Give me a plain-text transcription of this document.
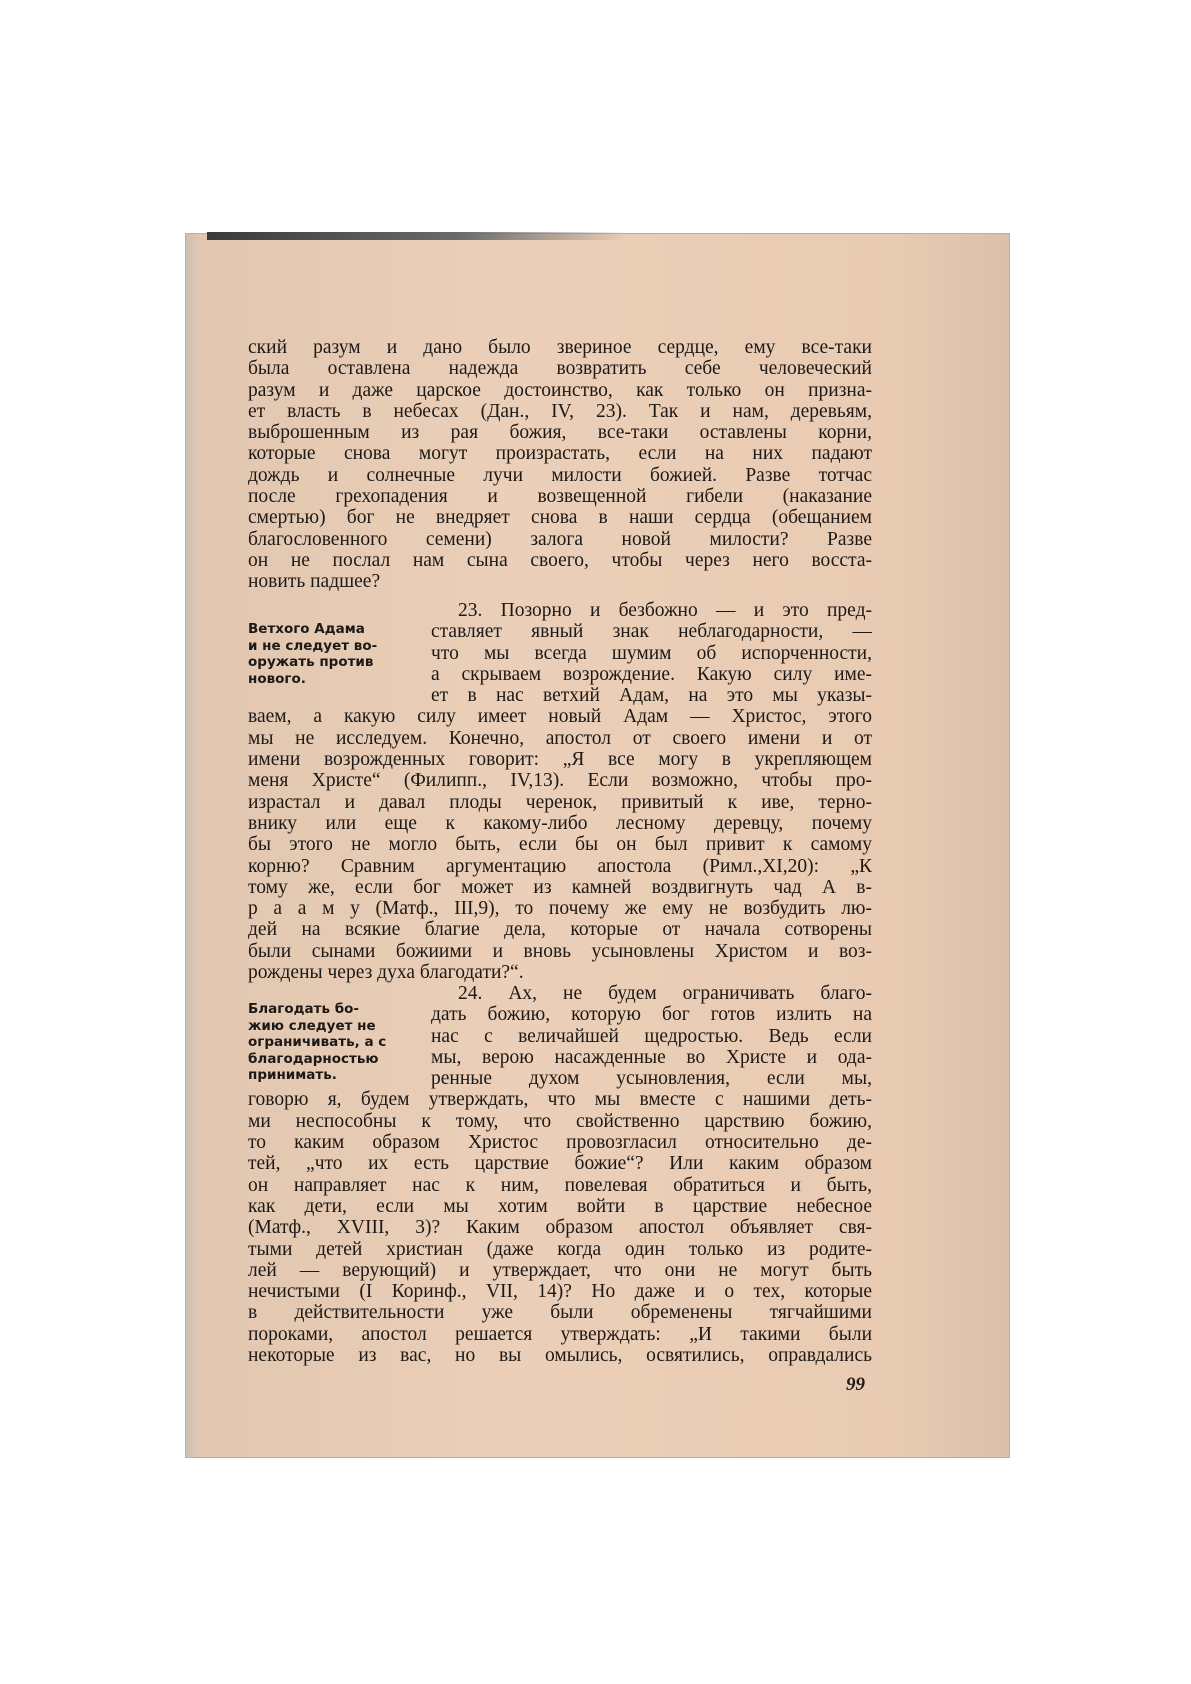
ский разум и дано было звериное сердце, ему все-таки
была оставлена надежда возвратить себе человеческий
разум и даже царское достоинство, как только он призна-
ет власть в небесах (Дан., IV, 23). Так и нам, деревьям,
выброшенным из рая божия, все-таки оставлены корни,
которые снова могут произрастать, если на них падают
дождь и солнечные лучи милости божией. Разве тотчас
после грехопадения и возвещенной гибели (наказание
смертью) бог не внедряет снова в наши сердца (обещанием
благословенного семени) залога новой милости? Разве
он не послал нам сына своего, чтобы через него восста-
новить падшее?
Ветхого Адама
и не следует во-
оружать против
нового.
23. Позорно и безбожно — и это пред-
ставляет явный знак неблагодарности, —
что мы всегда шумим об испорченности,
а скрываем возрождение. Какую силу име-
ет в нас ветхий Адам, на это мы указы-
ваем, а какую силу имеет новый Адам — Христос, этого
мы не исследуем. Конечно, апостол от своего имени и от
имени возрожденных говорит: „Я все могу в укрепляющем
меня Христе“ (Филипп., IV,13). Если возможно, чтобы про-
израстал и давал плоды черенок, привитый к иве, терно-
внику или еще к какому-либо лесному деревцу, почему
бы этого не могло быть, если бы он был привит к самому
корню? Сравним аргументацию апостола (Римл.,XI,20): „К
тому же, если бог может из камней воздвигнуть чад А в-
р а а м у (Матф., III,9), то почему же ему не возбудить лю-
дей на всякие благие дела, которые от начала сотворены
были сынами божиими и вновь усыновлены Христом и воз-
рождены через духа благодати?“.
Благодать бо-
жию следует не
ограничивать, а с
благодарностью
принимать.
24. Ах, не будем ограничивать благо-
дать божию, которую бог готов излить на
нас с величайшей щедростью. Ведь если
мы, верою насажденные во Христе и ода-
ренные духом усыновления, если мы,
говорю я, будем утверждать, что мы вместе с нашими деть-
ми неспособны к тому, что свойственно царствию божию,
то каким образом Христос провозгласил относительно де-
тей, „что их есть царствие божие“? Или каким образом
он направляет нас к ним, повелевая обратиться и быть,
как дети, если мы хотим войти в царствие небесное
(Матф., XVIII, 3)? Каким образом апостол объявляет свя-
тыми детей христиан (даже когда один только из родите-
лей — верующий) и утверждает, что они не могут быть
нечистыми (I Коринф., VII, 14)? Но даже и о тех, которые
в действительности уже были обременены тягчайшими
пороками, апостол решается утверждать: „И такими были
некоторые из вас, но вы омылись, освятились, оправдались
99
